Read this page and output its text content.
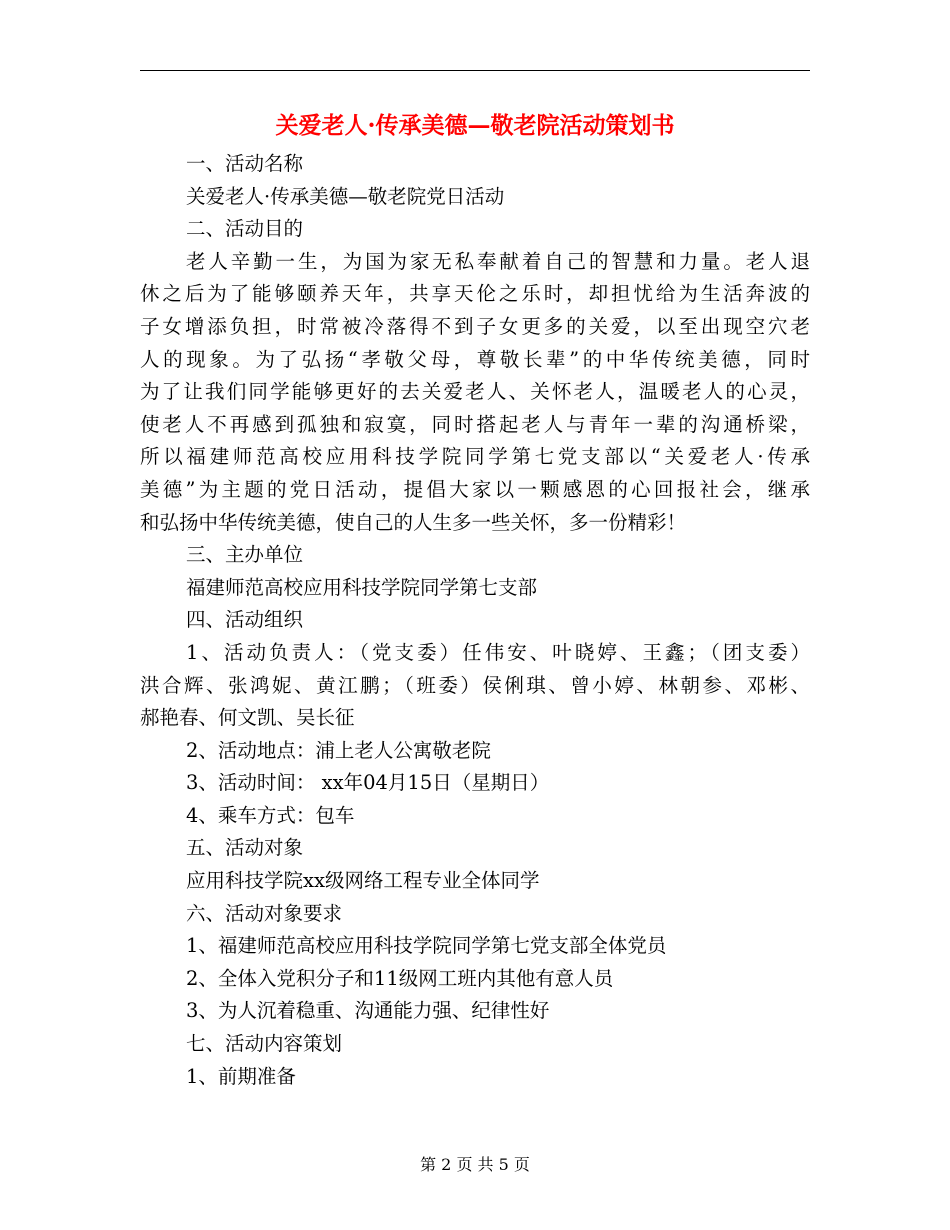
关爱老人·传承美德—敬老院活动策划书
一、活动名称
关爱老人·传承美德—敬老院党日活动
二、活动目的
老人辛勤一生，为国为家无私奉献着自己的智慧和力量。老人退
休之后为了能够颐养天年，共享天伦之乐时，却担忧给为生活奔波的
子女增添负担，时常被冷落得不到子女更多的关爱，以至出现空穴老
人的现象。为了弘扬“孝敬父母，尊敬长辈”的中华传统美德，同时
为了让我们同学能够更好的去关爱老人、关怀老人，温暖老人的心灵，
使老人不再感到孤独和寂寞，同时搭起老人与青年一辈的沟通桥梁，
所以福建师范高校应用科技学院同学第七党支部以“关爱老人·传承
美德”为主题的党日活动，提倡大家以一颗感恩的心回报社会，继承
和弘扬中华传统美德，使自己的人生多一些关怀，多一份精彩！
三、主办单位
福建师范高校应用科技学院同学第七支部
四、活动组织
1、活动负责人：（党支委）任伟安、叶晓婷、王鑫；（团支委）
洪合辉、张鸿妮、黄江鹏；（班委）侯俐琪、曾小婷、林朝参、邓彬、
郝艳春、何文凯、吴长征
2、活动地点：浦上老人公寓敬老院
3、活动时间： xx年04月15日（星期日）
4、乘车方式：包车
五、活动对象
应用科技学院xx级网络工程专业全体同学
六、活动对象要求
1、福建师范高校应用科技学院同学第七党支部全体党员
2、全体入党积分子和11级网工班内其他有意人员
3、为人沉着稳重、沟通能力强、纪律性好
七、活动内容策划
1、前期准备
第 2 页 共 5 页
